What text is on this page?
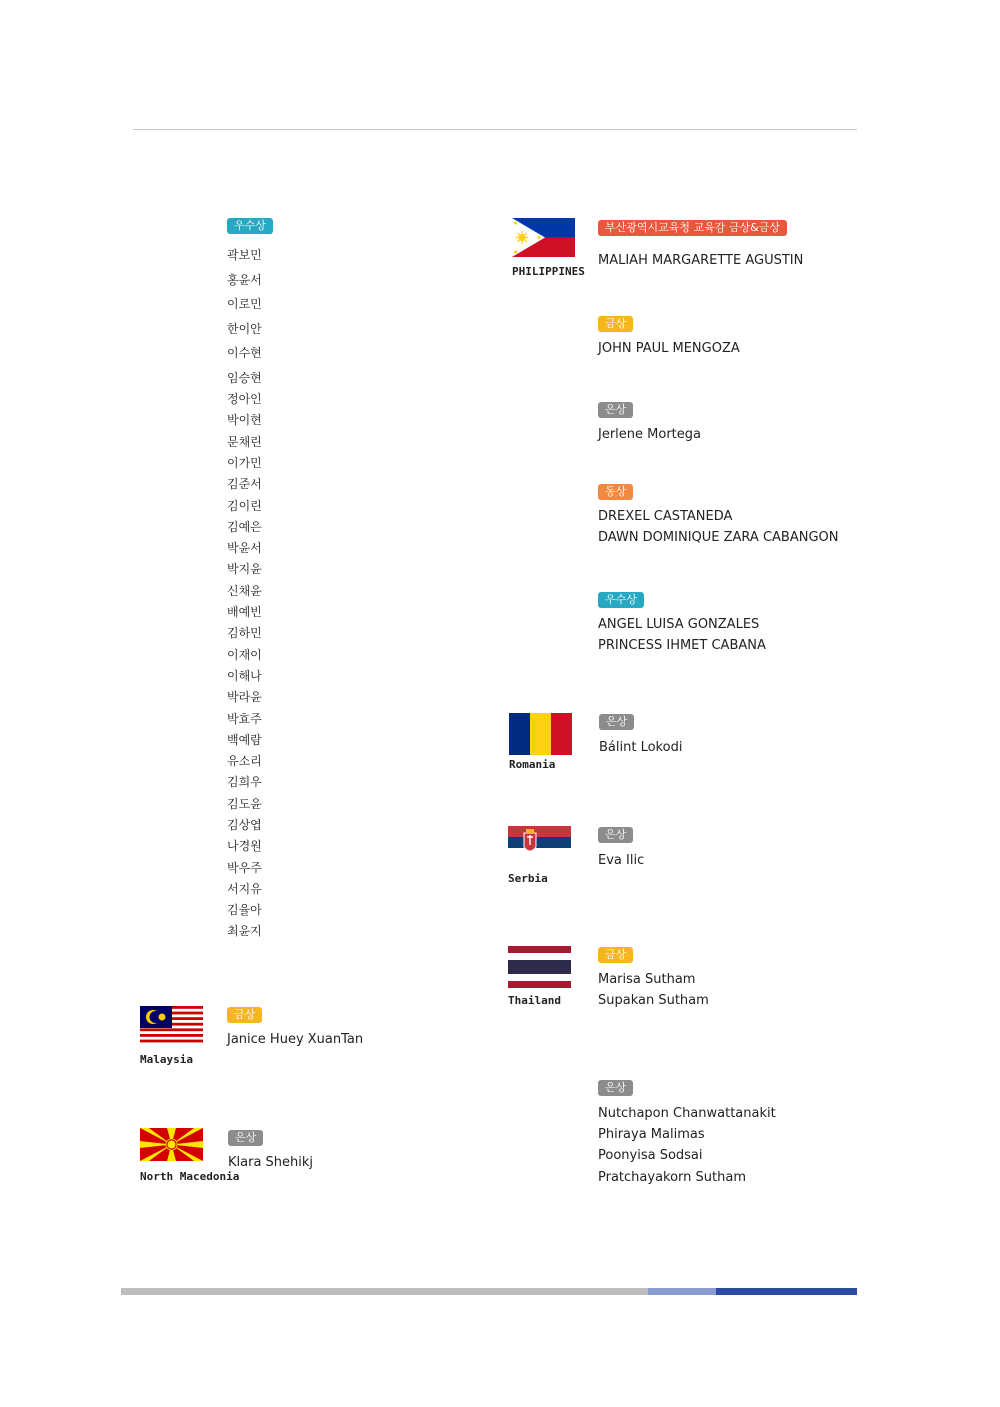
우수상
곽보민
홍윤서
이로민
한이안
이수현
임승현
정아인
박이현
문채린
이가민
김준서
김이린
김예은
박윤서
박지윤
신채윤
배예빈
김하민
이재이
이해나
박라윤
박효주
백예람
유소리
김희우
김도윤
김상엽
나경원
박우주
서지유
김율아
최윤지
Malaysia
금상
Janice Huey XuanTan
North Macedonia
은상
Klara Shehikj
PHILIPPINES
부산광역시교육청 교육감 금상&금상
MALIAH MARGARETTE AGUSTIN
금상
JOHN PAUL MENGOZA
은상
Jerlene Mortega
동상
DREXEL CASTANEDA
DAWN DOMINIQUE ZARA CABANGON
우수상
ANGEL LUISA GONZALES
PRINCESS IHMET CABANA
Romania
은상
Bálint Lokodi
Serbia
은상
Eva Ilic
Thailand
금상
Marisa Sutham
Supakan Sutham
은상
Nutchapon Chanwattanakit
Phiraya Malimas
Poonyisa Sodsai
Pratchayakorn Sutham
